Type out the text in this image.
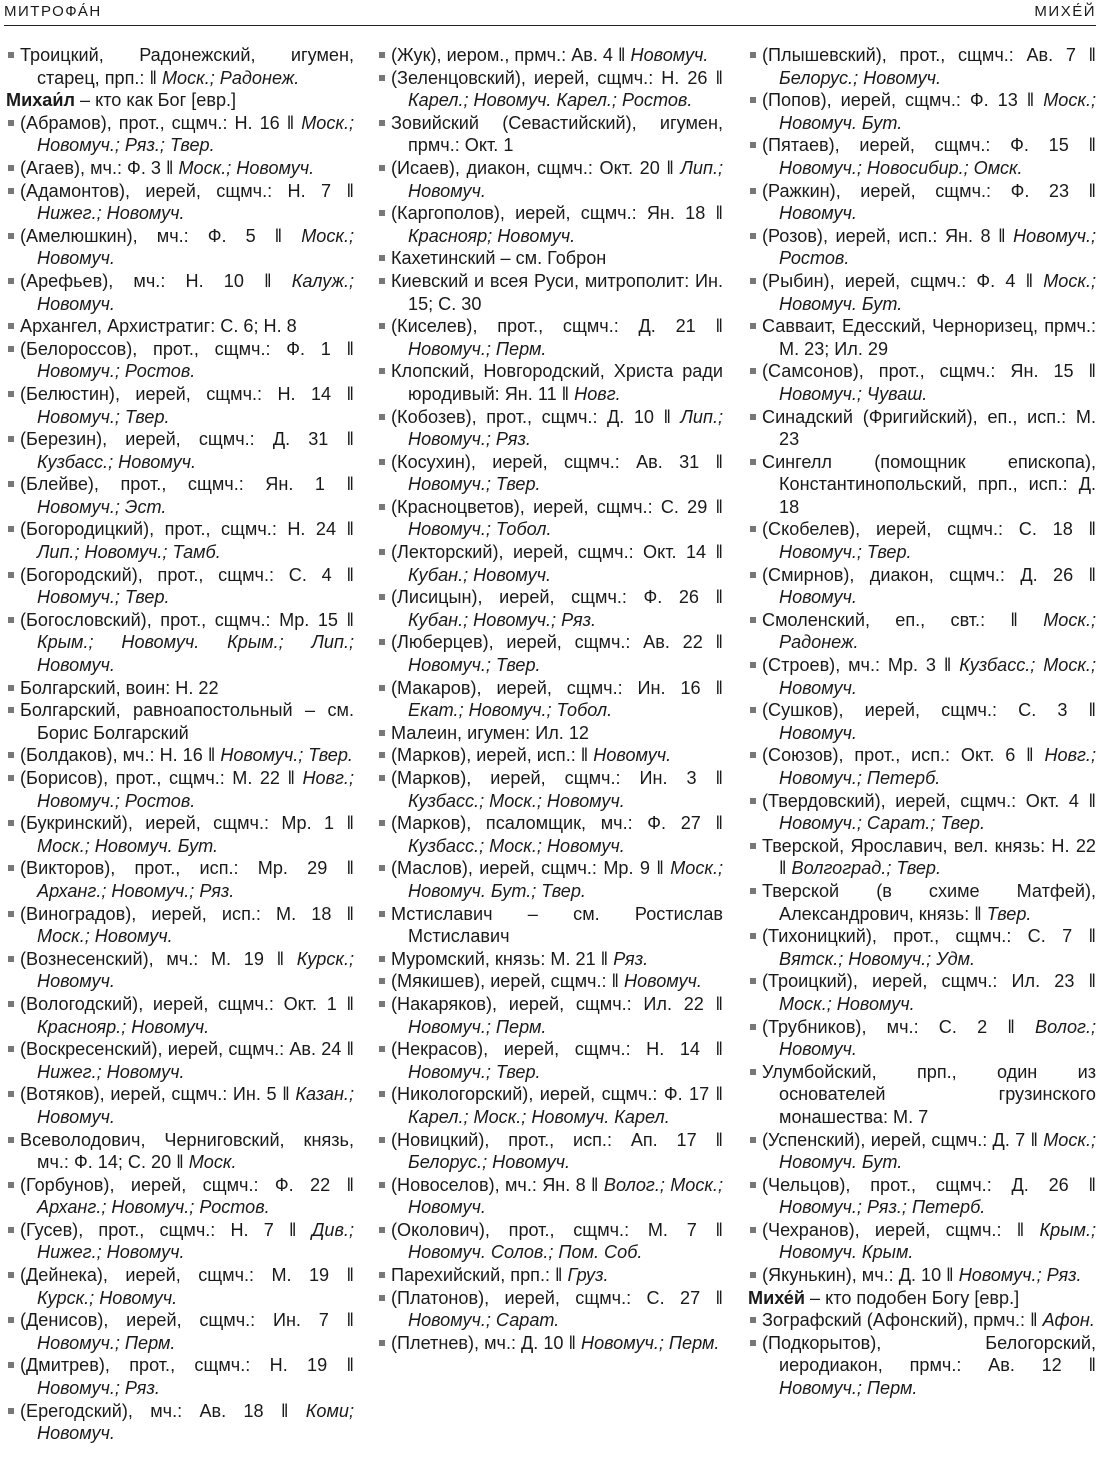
МИТРОФА́Н	МИХЕ́Й
Троицкий, Радонежский, игумен, старец, прп.: ‖ Моск.; Радонеж.
Михаи́л – кто как Бог [евр.]
(Абрамов), прот., сщмч.: Н. 16 ‖ Моск.; Новомуч.; Ряз.; Твер.
(Агаев), мч.: Ф. 3 ‖ Моск.; Новомуч.
(Адамонтов), иерей, сщмч.: Н. 7 ‖ Нижег.; Новомуч.
(Амелюшкин), мч.: Ф. 5 ‖ Моск.; Новомуч.
(Арефьев), мч.: Н. 10 ‖ Калуж.; Новомуч.
Архангел, Архистратиг: С. 6; Н. 8
(Белороссов), прот., сщмч.: Ф. 1 ‖ Новомуч.; Ростов.
(Белюстин), иерей, сщмч.: Н. 14 ‖ Новомуч.; Твер.
(Березин), иерей, сщмч.: Д. 31 ‖ Кузбасс.; Новомуч.
(Блейве), прот., сщмч.: Ян. 1 ‖ Новомуч.; Эст.
(Богородицкий), прот., сщмч.: Н. 24 ‖ Лип.; Новомуч.; Тамб.
(Богородский), прот., сщмч.: С. 4 ‖ Новомуч.; Твер.
(Богословский), прот., сщмч.: Мр. 15 ‖ Крым.; Новомуч. Крым.; Лип.; Новомуч.
Болгарский, воин: Н. 22
Болгарский, равноапостольный – см. Борис Болгарский
(Болдаков), мч.: Н. 16 ‖ Новомуч.; Твер.
(Борисов), прот., сщмч.: М. 22 ‖ Новг.; Новомуч.; Ростов.
(Букринский), иерей, сщмч.: Мр. 1 ‖ Моск.; Новомуч. Бут.
(Викторов), прот., исп.: Мр. 29 ‖ Арханг.; Новомуч.; Ряз.
(Виноградов), иерей, исп.: М. 18 ‖ Моск.; Новомуч.
(Вознесенский), мч.: М. 19 ‖ Курск.; Новомуч.
(Вологодский), иерей, сщмч.: Окт. 1 ‖ Краснояр.; Новомуч.
(Воскресенский), иерей, сщмч.: Ав. 24 ‖ Нижег.; Новомуч.
(Вотяков), иерей, сщмч.: Ин. 5 ‖ Казан.; Новомуч.
Всеволодович, Черниговский, князь, мч.: Ф. 14; С. 20 ‖ Моск.
(Горбунов), иерей, сщмч.: Ф. 22 ‖ Арханг.; Новомуч.; Ростов.
(Гусев), прот., сщмч.: Н. 7 ‖ Див.; Нижег.; Новомуч.
(Дейнека), иерей, сщмч.: М. 19 ‖ Курск.; Новомуч.
(Денисов), иерей, сщмч.: Ин. 7 ‖ Новомуч.; Перм.
(Дмитрев), прот., сщмч.: Н. 19 ‖ Новомуч.; Ряз.
(Ерегодский), мч.: Ав. 18 ‖ Коми; Новомуч.
(Жук), иером., прмч.: Ав. 4 ‖ Новомуч.
(Зеленцовский), иерей, сщмч.: Н. 26 ‖ Карел.; Новомуч. Карел.; Ростов.
Зовийский (Севастийский), игумен, прмч.: Окт. 1
(Исаев), диакон, сщмч.: Окт. 20 ‖ Лип.; Новомуч.
(Каргополов), иерей, сщмч.: Ян. 18 ‖ Краснояр; Новомуч.
Кахетинский – см. Гоброн
Киевский и всея Руси, митрополит: Ин. 15; С. 30
(Киселев), прот., сщмч.: Д. 21 ‖ Новомуч.; Перм.
Клопский, Новгородский, Христа ради юродивый: Ян. 11 ‖ Новг.
(Кобозев), прот., сщмч.: Д. 10 ‖ Лип.; Новомуч.; Ряз.
(Косухин), иерей, сщмч.: Ав. 31 ‖ Новомуч.; Твер.
(Красноцветов), иерей, сщмч.: С. 29 ‖ Новомуч.; Тобол.
(Лекторский), иерей, сщмч.: Окт. 14 ‖ Кубан.; Новомуч.
(Лисицын), иерей, сщмч.: Ф. 26 ‖ Кубан.; Новомуч.; Ряз.
(Люберцев), иерей, сщмч.: Ав. 22 ‖ Новомуч.; Твер.
(Макаров), иерей, сщмч.: Ин. 16 ‖ Екат.; Новомуч.; Тобол.
Малеин, игумен: Ил. 12
(Марков), иерей, исп.: ‖ Новомуч.
(Марков), иерей, сщмч.: Ин. 3 ‖ Кузбасс.; Моск.; Новомуч.
(Марков), псаломщик, мч.: Ф. 27 ‖ Кузбасс.; Моск.; Новомуч.
(Маслов), иерей, сщмч.: Мр. 9 ‖ Моск.; Новомуч. Бут.; Твер.
Мстиславич – см. Ростислав Мстиславич
Муромский, князь: М. 21 ‖ Ряз.
(Мякишев), иерей, сщмч.: ‖ Новомуч.
(Накаряков), иерей, сщмч.: Ил. 22 ‖ Новомуч.; Перм.
(Некрасов), иерей, сщмч.: Н. 14 ‖ Новомуч.; Твер.
(Никологорский), иерей, сщмч.: Ф. 17 ‖ Карел.; Моск.; Новомуч. Карел.
(Новицкий), прот., исп.: Ап. 17 ‖ Белорус.; Новомуч.
(Новоселов), мч.: Ян. 8 ‖ Волог.; Моск.; Новомуч.
(Околович), прот., сщмч.: М. 7 ‖ Новомуч. Солов.; Пом. Соб.
Парехийский, прп.: ‖ Груз.
(Платонов), иерей, сщмч.: С. 27 ‖ Новомуч.; Сарат.
(Плетнев), мч.: Д. 10 ‖ Новомуч.; Перм.
(Плышевский), прот., сщмч.: Ав. 7 ‖ Белорус.; Новомуч.
(Попов), иерей, сщмч.: Ф. 13 ‖ Моск.; Новомуч. Бут.
(Пятаев), иерей, сщмч.: Ф. 15 ‖ Новомуч.; Новосибир.; Омск.
(Ражкин), иерей, сщмч.: Ф. 23 ‖ Новомуч.
(Розов), иерей, исп.: Ян. 8 ‖ Новомуч.; Ростов.
(Рыбин), иерей, сщмч.: Ф. 4 ‖ Моск.; Новомуч. Бут.
Савваит, Едесский, Черноризец, прмч.: М. 23; Ил. 29
(Самсонов), прот., сщмч.: Ян. 15 ‖ Новомуч.; Чуваш.
Синадский (Фригийский), еп., исп.: М. 23
Сингелл (помощник епископа), Константинопольский, прп., исп.: Д. 18
(Скобелев), иерей, сщмч.: С. 18 ‖ Новомуч.; Твер.
(Смирнов), диакон, сщмч.: Д. 26 ‖ Новомуч.
Смоленский, еп., свт.: ‖ Моск.; Радонеж.
(Строев), мч.: Мр. 3 ‖ Кузбасс.; Моск.; Новомуч.
(Сушков), иерей, сщмч.: С. 3 ‖ Новомуч.
(Союзов), прот., исп.: Окт. 6 ‖ Новг.; Новомуч.; Петерб.
(Твердовский), иерей, сщмч.: Окт. 4 ‖ Новомуч.; Сарат.; Твер.
Тверской, Ярославич, вел. князь: Н. 22 ‖ Волгоград.; Твер.
Тверской (в схиме Матфей), Александрович, князь: ‖ Твер.
(Тихоницкий), прот., сщмч.: С. 7 ‖ Вятск.; Новомуч.; Удм.
(Троицкий), иерей, сщмч.: Ил. 23 ‖ Моск.; Новомуч.
(Трубников), мч.: С. 2 ‖ Волог.; Новомуч.
Улумбойский, прп., один из основателей грузинского монашества: М. 7
(Успенский), иерей, сщмч.: Д. 7 ‖ Моск.; Новомуч. Бут.
(Чельцов), прот., сщмч.: Д. 26 ‖ Новомуч.; Ряз.; Петерб.
(Чехранов), иерей, сщмч.: ‖ Крым.; Новомуч. Крым.
(Якунькин), мч.: Д. 10 ‖ Новомуч.; Ряз.
Михе́й – кто подобен Богу [евр.]
Зографский (Афонский), прмч.: ‖ Афон.
(Подкорытов), Белогорский, иеродиакон, прмч.: Ав. 12 ‖ Новомуч.; Перм.
